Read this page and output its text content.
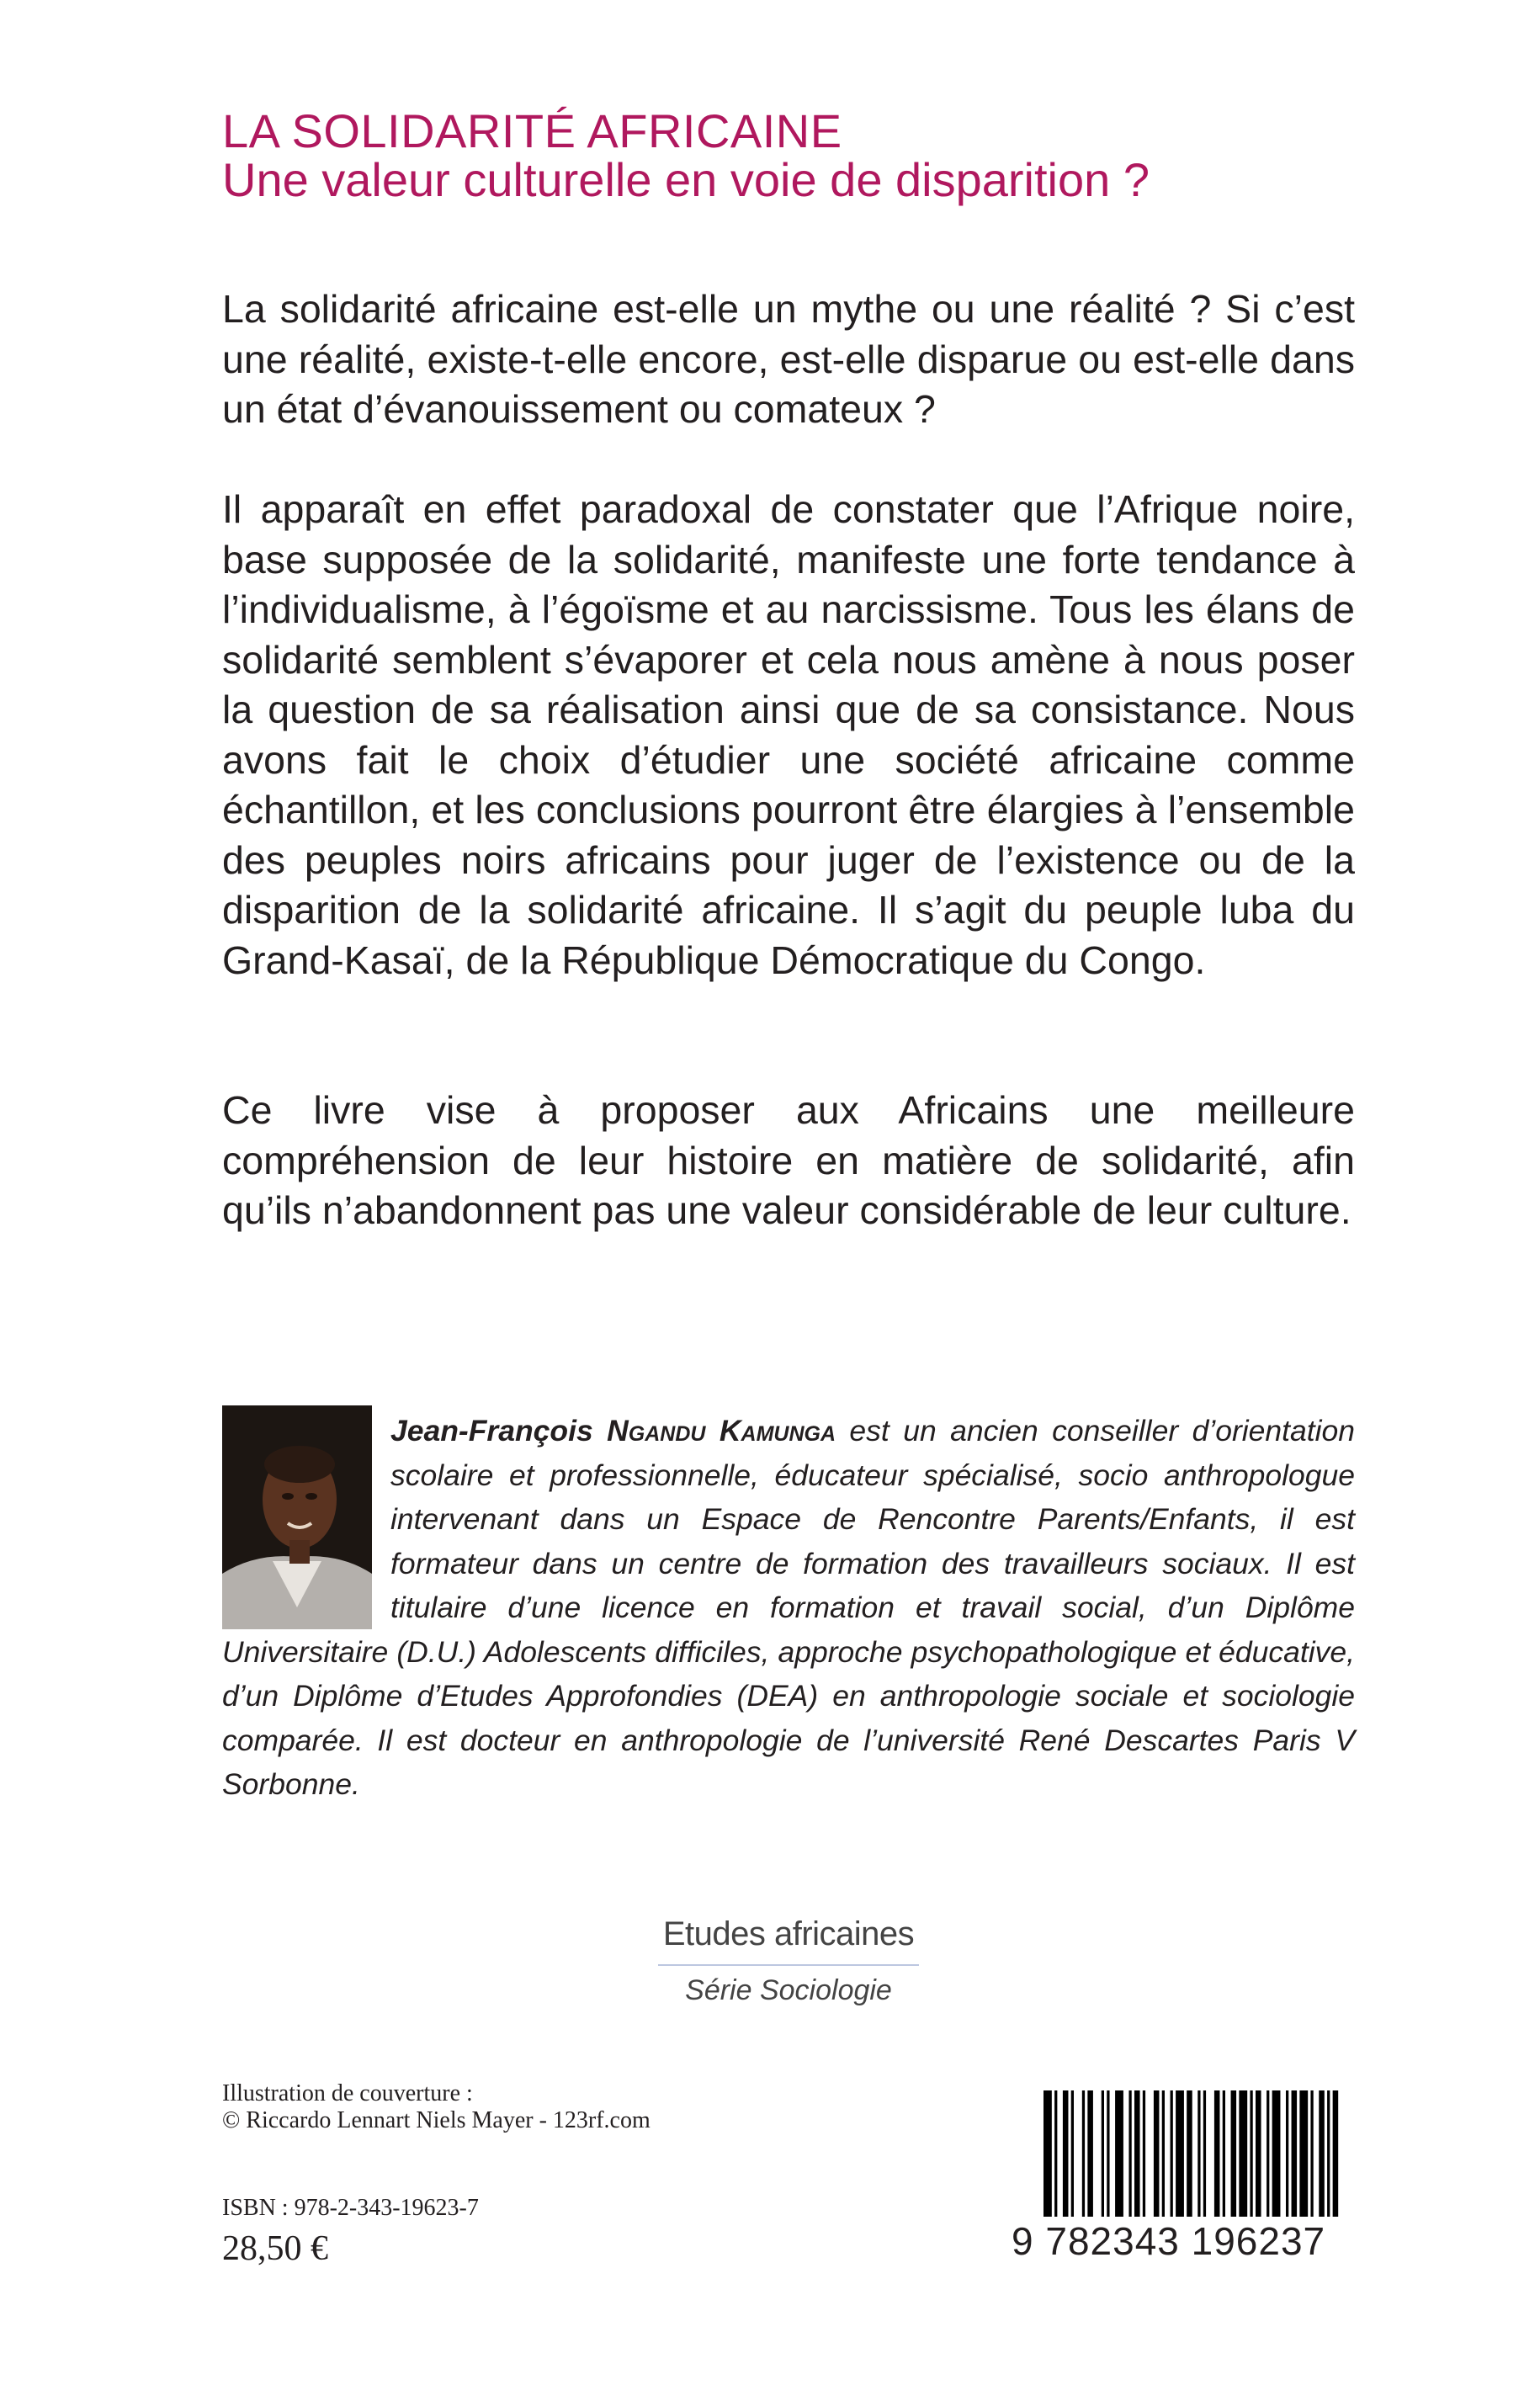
LA SOLIDARITÉ AFRICAINE
Une valeur culturelle en voie de disparition ?

La solidarité africaine est-elle un mythe ou une réalité ? Si c’est une réalité, existe-t-elle encore, est-elle disparue ou est-elle dans un état d’évanouissement ou comateux ?

Il apparaît en effet paradoxal de constater que l’Afrique noire, base supposée de la solidarité, manifeste une forte tendance à l’individualisme, à l’égoïsme et au narcissisme. Tous les élans de solidarité semblent s’évaporer et cela nous amène à nous poser la question de sa réalisation ainsi que de sa consistance. Nous avons fait le choix d’étudier une société africaine comme échantillon, et les conclusions pourront être élargies à l’ensemble des peuples noirs africains pour juger de l’existence ou de la disparition de la solidarité africaine. Il s’agit du peuple luba du Grand-Kasaï, de la République Démocratique du Congo.

Ce livre vise à proposer aux Africains une meilleure compréhension de leur histoire en matière de solidarité, afin qu’ils n’abandonnent pas une valeur considérable de leur culture.

Jean-François Ngandu Kamunga est un ancien conseiller d’orientation scolaire et professionnelle, éducateur spécialisé, socio anthropologue intervenant dans un Espace de Rencontre Parents/Enfants, il est formateur dans un centre de formation des travailleurs sociaux. Il est titulaire d’une licence en formation et travail social, d’un Diplôme Universitaire (D.U.) Adolescents difficiles, approche psychopathologique et éducative, d’un Diplôme d’Etudes Approfondies (DEA) en anthropologie sociale et sociologie comparée. Il est docteur en anthropologie de l’université René Descartes Paris V Sorbonne.

Etudes africaines
Série Sociologie
Illustration de couverture :
© Riccardo Lennart Niels Mayer - 123rf.com
ISBN : 978-2-343-19623-7
28,50 €	9 782343 196237
